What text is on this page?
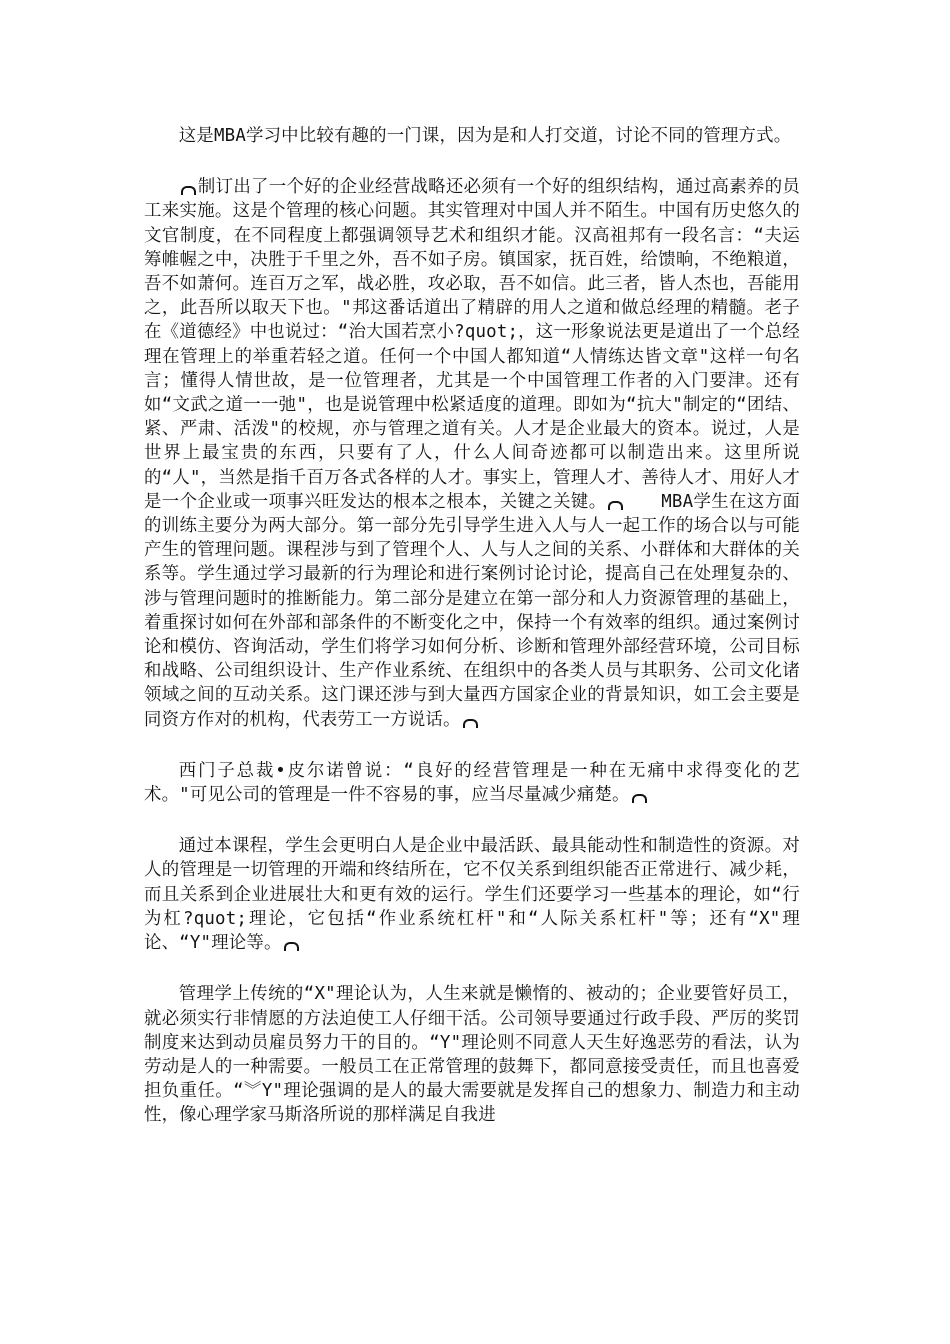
这是MBA学习中比较有趣的一门课，因为是和人打交道，讨论不同的管理方式。

制订出了一个好的企业经营战略还必须有一个好的组织结构，通过高素养的员工来实施。这是个管理的核心问题。其实管理对中国人并不陌生。中国有历史悠久的文官制度，在不同程度上都强调领导艺术和组织才能。汉高祖邦有一段名言：“夫运筹帷幄之中，决胜于千里之外，吾不如子房。镇国家，抚百姓，给馈晌，不绝粮道，吾不如萧何。连百万之军，战必胜，攻必取，吾不如信。此三者，皆人杰也，吾能用之，此吾所以取天下也。"邦这番话道出了精辟的用人之道和做总经理的精髓。老子在《道德经》中也说过：“治大国若烹小?quot;，这一形象说法更是道出了一个总经理在管理上的举重若轻之道。任何一个中国人都知道“人情练达皆文章"这样一句名言；懂得人情世故，是一位管理者，尤其是一个中国管理工作者的入门要津。还有如“文武之道一一弛"，也是说管理中松紧适度的道理。即如为“抗大"制定的“团结、紧、严肃、活泼"的校规，亦与管理之道有关。人才是企业最大的资本。说过，人是世界上最宝贵的东西，只要有了人，什么人间奇迹都可以制造出来。这里所说的“人"，当然是指千百万各式各样的人才。事实上，管理人才、善待人才、用好人才是一个企业或一项事兴旺发达的根本之根本，关键之关键。　　MBA学生在这方面的训练主要分为两大部分。第一部分先引导学生进入人与人一起工作的场合以与可能产生的管理问题。课程涉与到了管理个人、人与人之间的关系、小群体和大群体的关系等。学生通过学习最新的行为理论和进行案例讨论讨论，提高自己在处理复杂的、涉与管理问题时的推断能力。第二部分是建立在第一部分和人力资源管理的基础上，着重探讨如何在外部和部条件的不断变化之中，保持一个有效率的组织。通过案例讨论和模仿、咨询活动，学生们将学习如何分析、诊断和管理外部经营环境，公司目标和战略、公司组织设计、生产作业系统、在组织中的各类人员与其职务、公司文化诸领域之间的互动关系。这门课还涉与到大量西方国家企业的背景知识，如工会主要是同资方作对的机构，代表劳工一方说话。

西门子总裁•皮尔诺曾说：“良好的经营管理是一种在无痛中求得变化的艺术。"可见公司的管理是一件不容易的事，应当尽量减少痛楚。

通过本课程，学生会更明白人是企业中最活跃、最具能动性和制造性的资源。对人的管理是一切管理的开端和终结所在，它不仅关系到组织能否正常进行、减少耗，而且关系到企业进展壮大和更有效的运行。学生们还要学习一些基本的理论，如“行为杠?quot;理论，它包括“作业系统杠杆"和“人际关系杠杆"等；还有“X"理论、“Y"理论等。

管理学上传统的“X"理论认为，人生来就是懒惰的、被动的；企业要管好员工，就必须实行非情愿的方法迫使工人仔细干活。公司领导要通过行政手段、严厉的奖罚制度来达到动员雇员努力干的目的。“Y"理论则不同意人天生好逸恶劳的看法，认为劳动是人的一种需要。一般员工在正常管理的鼓舞下，都同意接受责任，而且也喜爱担负重任。“︾Y"理论强调的是人的最大需要就是发挥自己的想象力、制造力和主动性，像心理学家马斯洛所说的那样满足自我进
